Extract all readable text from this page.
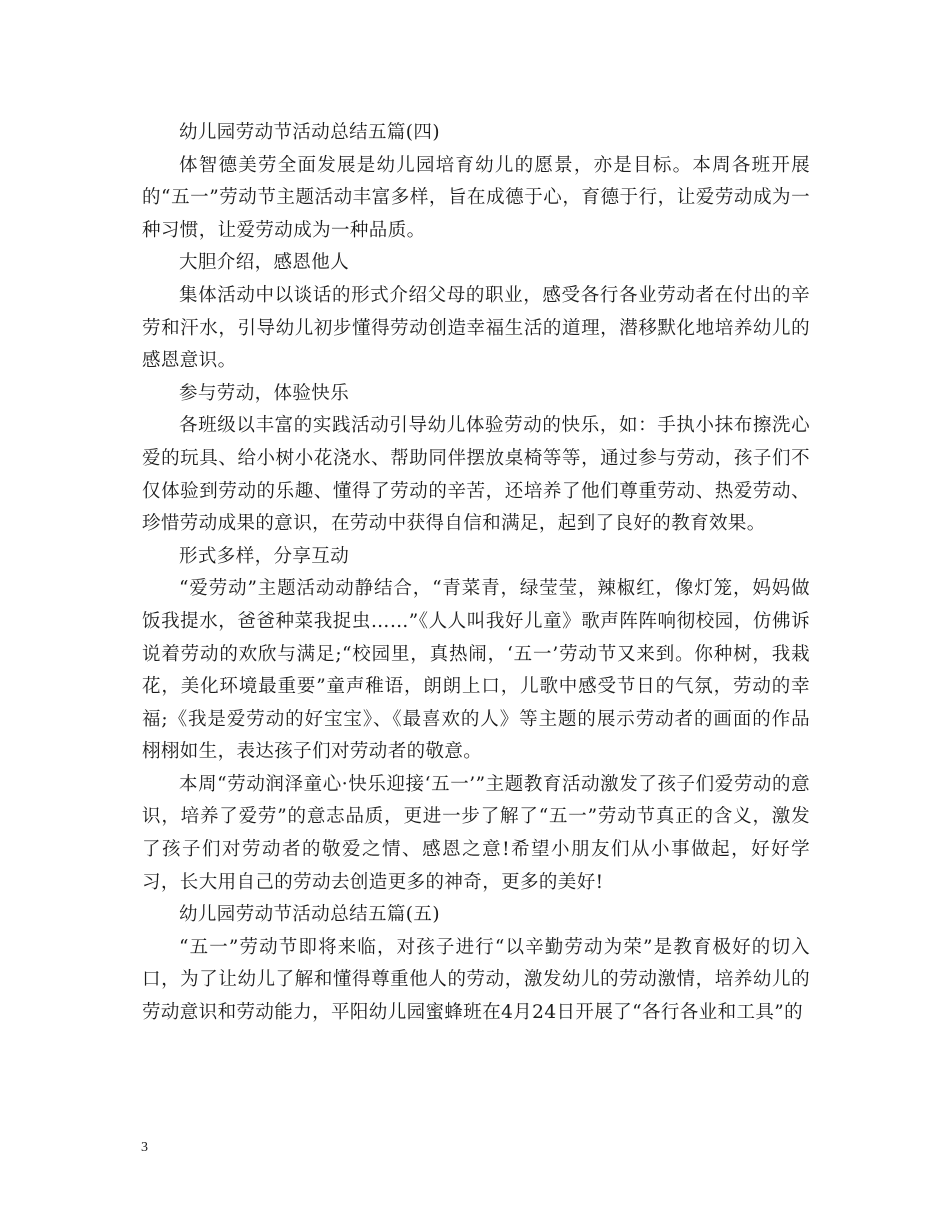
幼儿园劳动节活动总结五篇(四)

体智德美劳全面发展是幼儿园培育幼儿的愿景，亦是目标。本周各班开展的“五一”劳动节主题活动丰富多样，旨在成德于心，育德于行，让爱劳动成为一种习惯，让爱劳动成为一种品质。

大胆介绍，感恩他人

集体活动中以谈话的形式介绍父母的职业，感受各行各业劳动者在付出的辛劳和汗水，引导幼儿初步懂得劳动创造幸福生活的道理，潜移默化地培养幼儿的感恩意识。

参与劳动，体验快乐

各班级以丰富的实践活动引导幼儿体验劳动的快乐，如：手执小抹布擦洗心爱的玩具、给小树小花浇水、帮助同伴摆放桌椅等等，通过参与劳动，孩子们不仅体验到劳动的乐趣、懂得了劳动的辛苦，还培养了他们尊重劳动、热爱劳动、珍惜劳动成果的意识，在劳动中获得自信和满足，起到了良好的教育效果。

形式多样，分享互动

“爱劳动”主题活动动静结合，“青菜青，绿莹莹，辣椒红，像灯笼，妈妈做饭我提水，爸爸种菜我捉虫……”《人人叫我好儿童》歌声阵阵响彻校园，仿佛诉说着劳动的欢欣与满足;“校园里，真热闹，‘五一’劳动节又来到。你种树，我栽花，美化环境最重要”童声稚语，朗朗上口，儿歌中感受节日的气氛，劳动的幸福;《我是爱劳动的好宝宝》、《最喜欢的人》等主题的展示劳动者的画面的作品栩栩如生，表达孩子们对劳动者的敬意。

本周“劳动润泽童心·快乐迎接‘五一’”主题教育活动激发了孩子们爱劳动的意识，培养了爱劳”的意志品质，更进一步了解了“五一”劳动节真正的含义，激发了孩子们对劳动者的敬爱之情、感恩之意!希望小朋友们从小事做起，好好学习，长大用自己的劳动去创造更多的神奇，更多的美好!

幼儿园劳动节活动总结五篇(五)

“五一”劳动节即将来临，对孩子进行“以辛勤劳动为荣”是教育极好的切入口，为了让幼儿了解和懂得尊重他人的劳动，激发幼儿的劳动激情，培养幼儿的劳动意识和劳动能力，平阳幼儿园蜜蜂班在4月24日开展了“各行各业和工具”的

3
